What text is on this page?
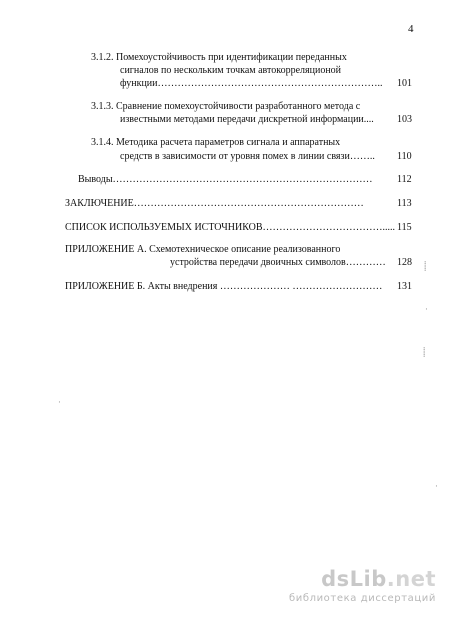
4
3.1.2. Помехоустойчивость при идентификации переданных
сигналов по нескольким точкам автокорреляционой
функции………………………………………………………….. 101
3.1.3. Сравнение помехоустойчивости разработанного метода с
известными методами передачи дискретной информации.... 103
3.1.4. Методика расчета параметров сигнала и аппаратных
средств в зависимости от уровня помех в линии связи…….. 110
Выводы…………………………………………………………………… 112
ЗАКЛЮЧЕНИЕ……………………………………………………………	113
СПИСОК ИСПОЛЬЗУЕМЫХ ИСТОЧНИКОВ………………………………..... 115
ПРИЛОЖЕНИЕ А. Схемотехническое описание реализованного
устройства передачи двоичных символов………… 128
ПРИЛОЖЕНИЕ Б. Акты внедрения ………………… ……………………… 131
⸽
·
⸽
·
·
dsLib.net
библиотека диссертаций
